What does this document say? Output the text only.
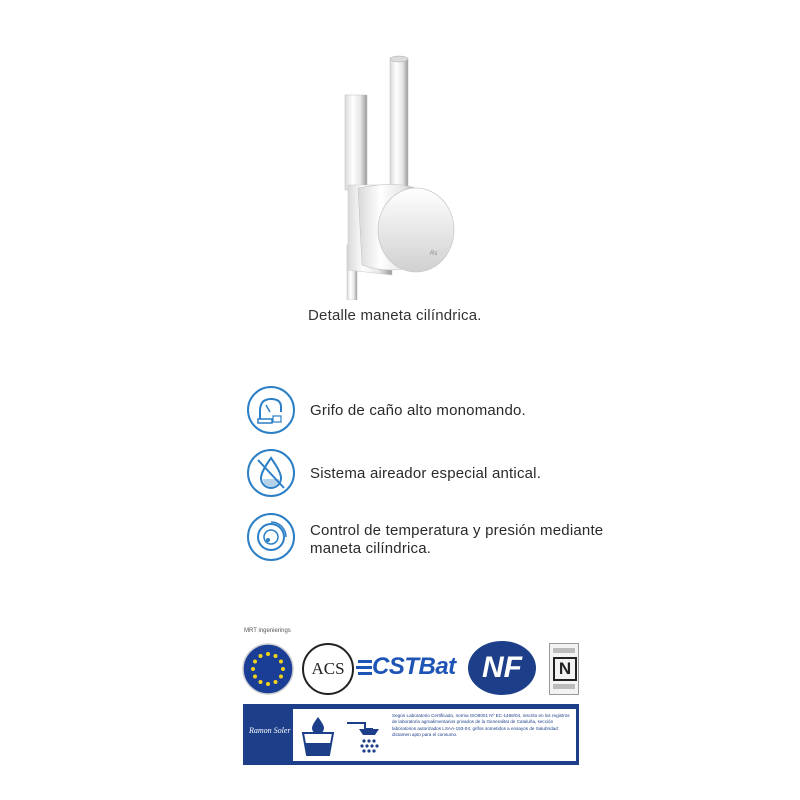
Rs
Detalle maneta cilíndrica.
Grifo de caño alto monomando.
Sistema aireador especial antical.
Control de temperatura y presión mediante
maneta cilíndrica.
MRT ingenierings
ACS CSTBat NF	N
Ramon Soler
Según Laboratorio Certificado, norma ISO9001 Nº EC-1468/04, inscrito en los registros de laboratorio agroalimentarios privados de la Generalitat de Cataluña, sección laboratorios autorizados LSAA-193-04, grifos sometidos a ensayos de Salubridad: dictamen apto para el consumo.
